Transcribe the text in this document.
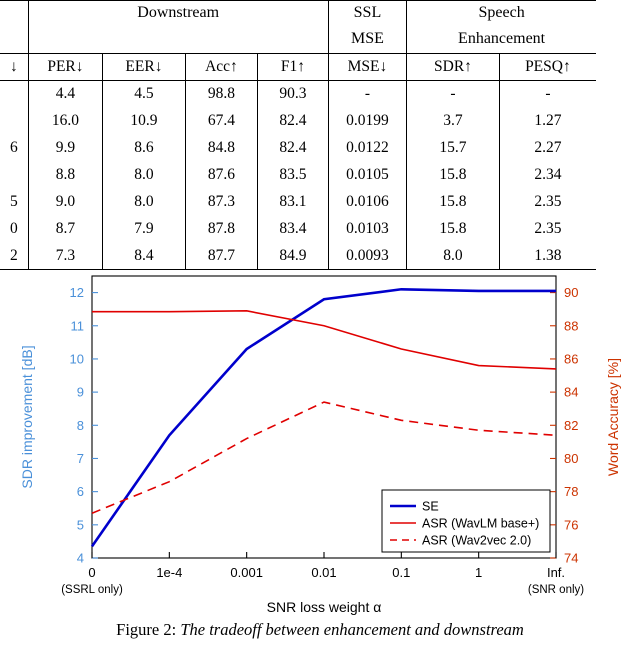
	Downstream				SSL	Speech	
					MSE	Enhancement	
↓	PER↓	EER↓	Acc↑	F1↑	MSE↓	SDR↑	PESQ↑
	4.4	4.5	98.8	90.3	-	-	-
	16.0	10.9	67.4	82.4	0.0199	3.7	1.27
6	9.9	8.6	84.8	82.4	0.0122	15.7	2.27
	8.8	8.0	87.6	83.5	0.0105	15.8	2.34
5	9.0	8.0	87.3	83.1	0.0106	15.8	2.35
0	8.7	7.9	87.8	83.4	0.0103	15.8	2.35
2	7.3	8.4	87.7	84.9	0.0093	8.0	1.38
4
5
6
7
8
9
10
11
12
74
76
78
80
82
84
86
88
90
0
(SSRL only)
1e-4	0.001	0.01	0.1	1	Inf.
(SNR only)
SDR improvement [dB]	Word Accuracy [%]
SNR loss weight α
SE
ASR (WavLM base+)
ASR (Wav2vec 2.0)
Figure 2: The tradeoff between enhancement and downstream
